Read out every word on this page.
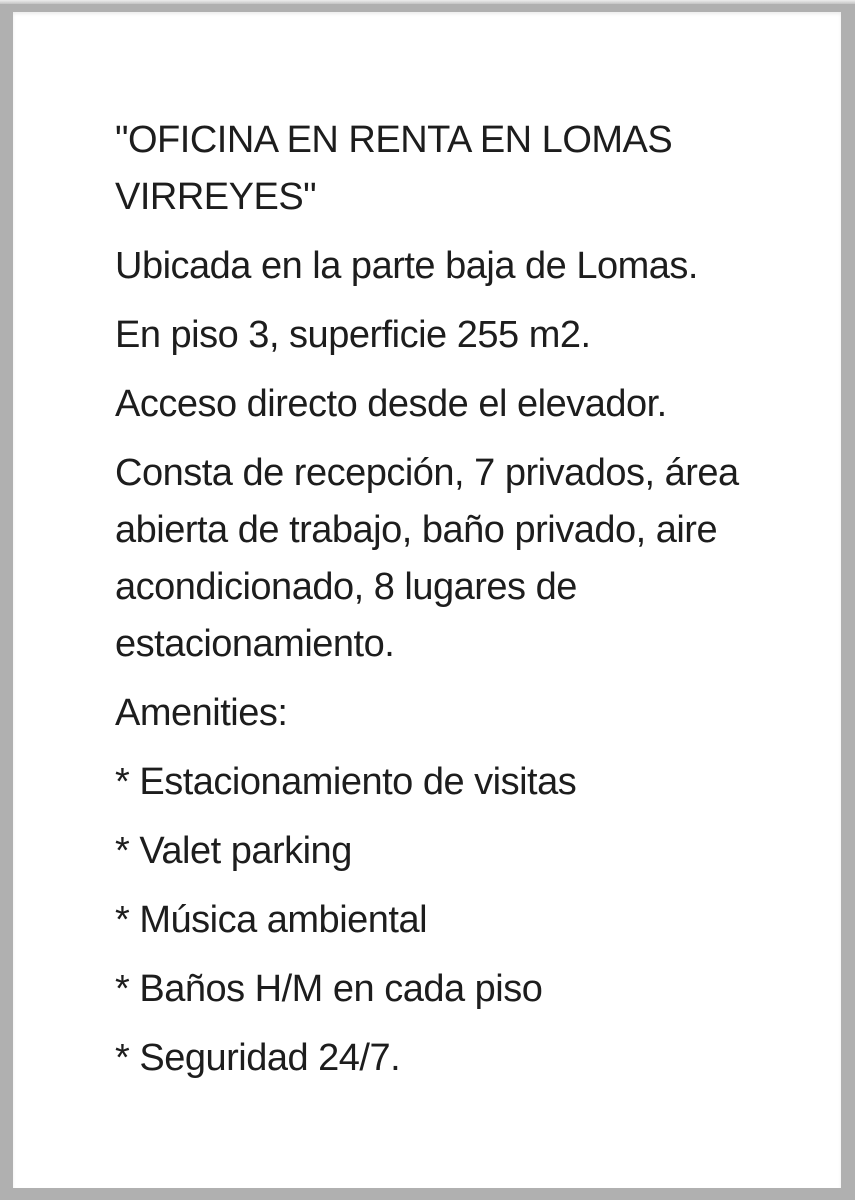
"OFICINA EN RENTA EN LOMAS VIRREYES"

Ubicada en la parte baja de Lomas.

En piso 3, superficie 255 m2.

Acceso directo desde el elevador.

Consta de recepción, 7 privados, área abierta de trabajo, baño privado, aire acondicionado, 8 lugares de estacionamiento.

Amenities:

* Estacionamiento de visitas

* Valet parking

* Música ambiental

* Baños H/M en cada piso

* Seguridad 24/7.
